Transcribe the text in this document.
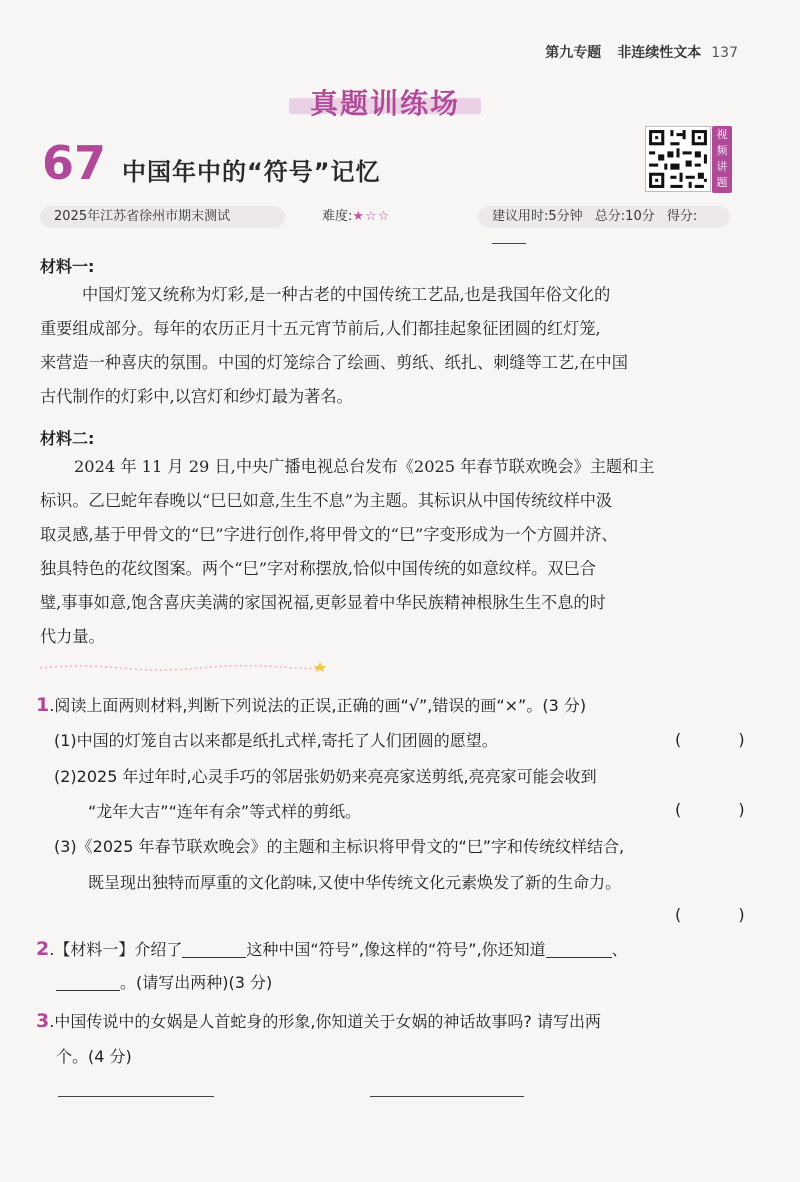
第九专题 非连续性文本 137
真题训练场
67 中国年中的“符号”记忆
视频讲题
2025年江苏省徐州市期末测试	难度:★☆☆	建议用时:5分钟 总分:10分 得分:
材料一:
中国灯笼又统称为灯彩,是一种古老的中国传统工艺品,也是我国年俗文化的
重要组成部分。每年的农历正月十五元宵节前后,人们都挂起象征团圆的红灯笼,
来营造一种喜庆的氛围。中国的灯笼综合了绘画、剪纸、纸扎、刺缝等工艺,在中国
古代制作的灯彩中,以宫灯和纱灯最为著名。
材料二:
2024 年 11 月 29 日,中央广播电视总台发布《2025 年春节联欢晚会》主题和主
标识。乙巳蛇年春晚以“巳巳如意,生生不息”为主题。其标识从中国传统纹样中汲
取灵感,基于甲骨文的“巳”字进行创作,将甲骨文的“巳”字变形成为一个方圆并济、
独具特色的花纹图案。两个“巳”字对称摆放,恰似中国传统的如意纹样。双巳合
璧,事事如意,饱含喜庆美满的家国祝福,更彰显着中华民族精神根脉生生不息的时
代力量。
1.阅读上面两则材料,判断下列说法的正误,正确的画“√”,错误的画“×”。(3 分)
(1)中国的灯笼自古以来都是纸扎式样,寄托了人们团圆的愿望。	( )
(2)2025 年过年时,心灵手巧的邻居张奶奶来亮亮家送剪纸,亮亮家可能会收到
“龙年大吉”“连年有余”等式样的剪纸。	( )
(3)《2025 年春节联欢晚会》的主题和主标识将甲骨文的“巳”字和传统纹样结合,
既呈现出独特而厚重的文化韵味,又使中华传统文化元素焕发了新的生命力。
( )
2.【材料一】介绍了	这种中国“符号”,像这样的“符号”,你还知道	、
。(请写出两种)(3 分)
3.中国传说中的女娲是人首蛇身的形象,你知道关于女娲的神话故事吗? 请写出两
个。(4 分)
